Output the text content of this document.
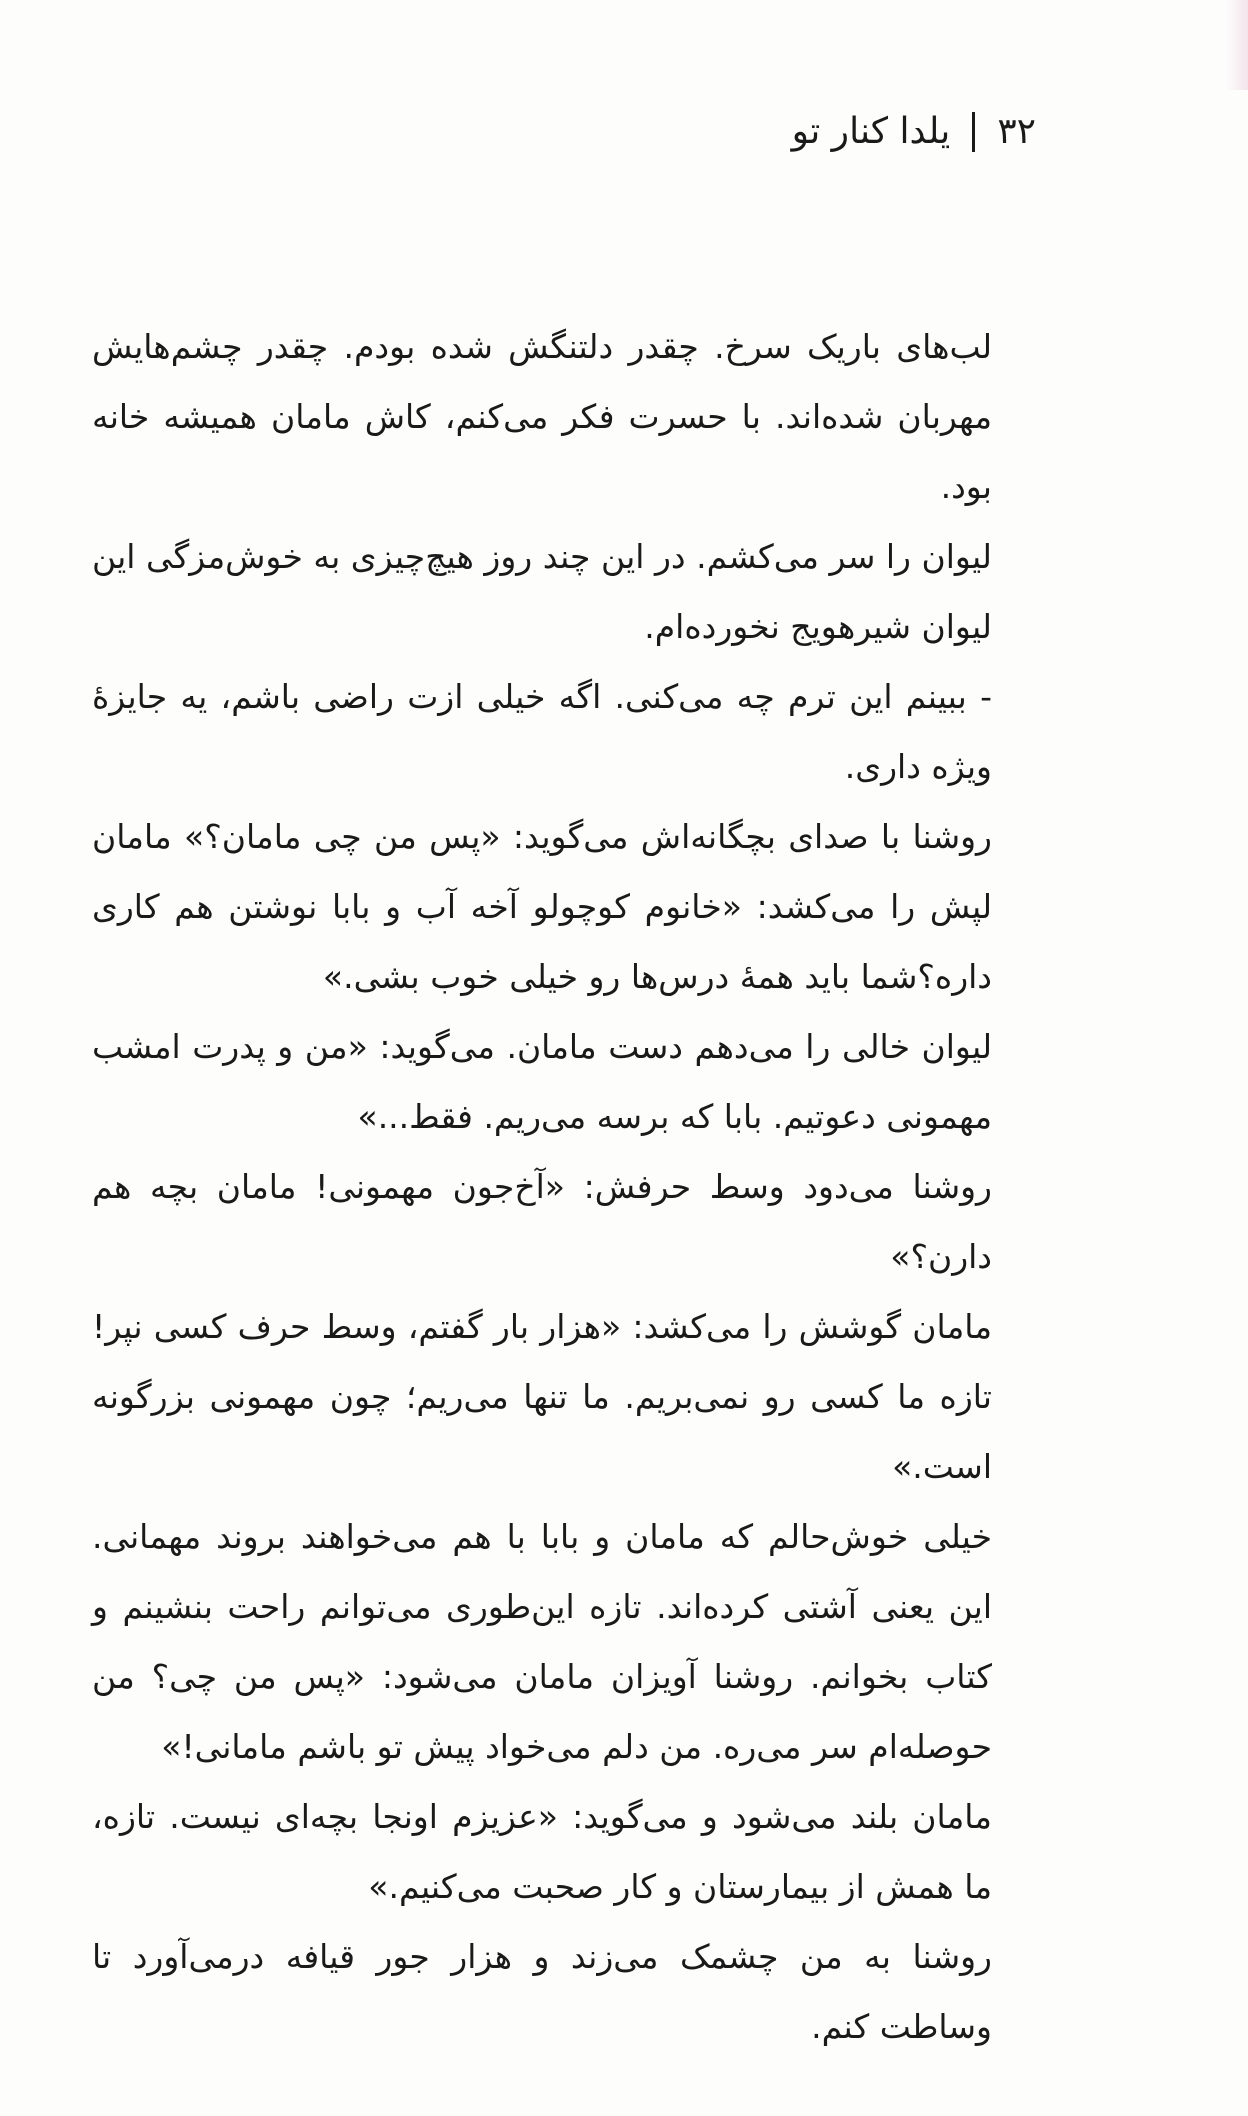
۳۲
یلدا کنار تو

لب‌های باریک سرخ. چقدر دلتنگش شده بودم. چقدر چشم‌هایش مهربان شده‌اند. با حسرت فکر می‌کنم، کاش مامان همیشه خانه بود.

لیوان را سر می‌کشم. در این چند روز هیچ‌چیزی به خوش‌مزگی این لیوان شیرهویج نخورده‌ام.

- ببینم این ترم چه می‌کنی. اگه خیلی ازت راضی باشم، یه جایزهٔ ویژه داری.

روشنا با صدای بچگانه‌اش می‌گوید: «پس من چی مامان؟» مامان لپش را می‌کشد: «خانوم کوچولو آخه آب و بابا نوشتن هم کاری داره؟شما باید همهٔ درس‌ها رو خیلی خوب بشی.»

لیوان خالی را می‌دهم دست مامان. می‌گوید: «من و پدرت امشب مهمونی دعوتیم. بابا که برسه می‌ریم. فقط...»

روشنا می‌دود وسط حرفش: «آخ‌جون مهمونی! مامان بچه هم دارن؟»

مامان گوشش را می‌کشد: «هزار بار گفتم، وسط حرف کسی نپر! تازه ما کسی رو نمی‌بریم. ما تنها می‌ریم؛ چون مهمونی بزرگونه است.»

خیلی خوش‌حالم که مامان و بابا با هم می‌خواهند بروند مهمانی. این یعنی آشتی کرده‌اند. تازه این‌طوری می‌توانم راحت بنشینم و کتاب بخوانم. روشنا آویزان مامان می‌شود: «پس من چی؟ من حوصله‌ام سر می‌ره. من دلم می‌خواد پیش تو باشم مامانی!»

مامان بلند می‌شود و می‌گوید: «عزیزم اونجا بچه‌ای نیست. تازه، ما همش از بیمارستان و کار صحبت می‌کنیم.»

روشنا به من چشمک می‌زند و هزار جور قیافه درمی‌آورد تا وساطت کنم.
